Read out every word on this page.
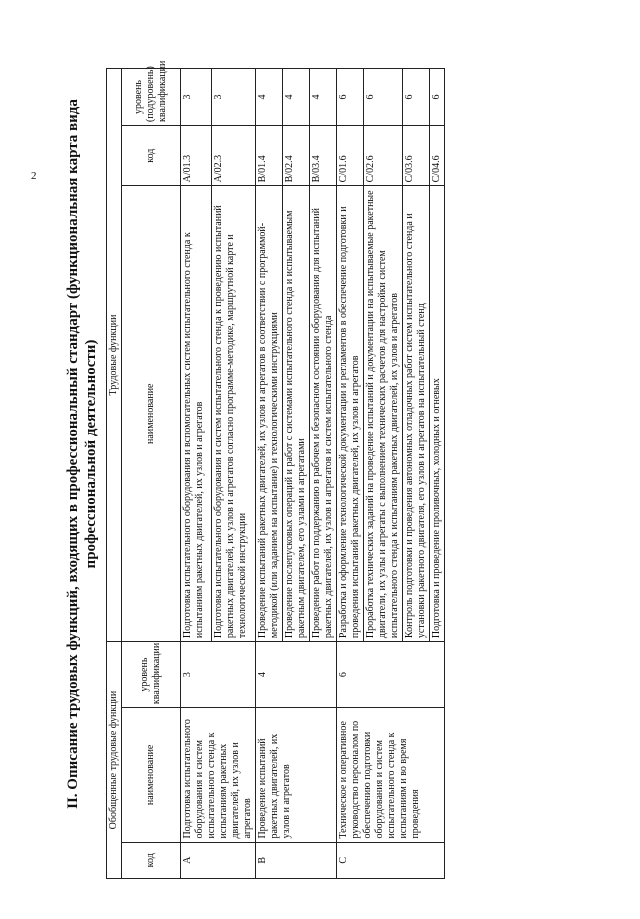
2 II. Описание трудовых функций, входящих в профессиональный стандарт (функциональная карта вида профессиональной деятельности)
Обобщенные трудовые функции			Трудовые функции		
код	наименование	уровень квалификации	наименование	код	уровень (подуровень) квалификации
А	Подготовка испытательного оборудования и систем испытательного стенда к испытаниям ракетных двигателей, их узлов и агрегатов	3	Подготовка испытательного оборудования и вспомогательных систем испытательного стенда к испытаниям ракетных двигателей, их узлов и агрегатов	A/01.3	3
			Подготовка испытательного оборудования и систем испытательного стенда к проведению испытаний ракетных двигателей, их узлов и агрегатов согласно программе-методике, маршрутной карте и технологической инструкции	A/02.3	3
В	Проведение испытаний ракетных двигателей, их узлов и агрегатов	4	Проведение испытаний ракетных двигателей, их узлов и агрегатов в соответствии с программой-методикой (или заданием на испытание) и технологическими инструкциями	B/01.4	4
			Проведение послепусковых операций и работ с системами испытательного стенда и испытываемым ракетным двигателем, его узлами и агрегатами	B/02.4	4
			Проведение работ по поддержанию в рабочем и безопасном состоянии оборудования для испытаний ракетных двигателей, их узлов и агрегатов и систем испытательного стенда	B/03.4	4
С	Техническое и оперативное руководство персоналом по обеспечению подготовки оборудования и систем испытательного стенда к испытаниям и во время проведения	6	Разработка и оформление технологической документации и регламентов в обеспечение подготовки и проведения испытаний ракетных двигателей, их узлов и агрегатов	C/01.6	6
			Проработка технических заданий на проведение испытаний и документации на испытываемые ракетные двигатели, их узлы и агрегаты с выполнением технических расчетов для настройки систем испытательного стенда к испытаниям ракетных двигателей, их узлов и агрегатов	C/02.6	6
			Контроль подготовки и проведения автономных отладочных работ систем испытательного стенда и установки ракетного двигателя, его узлов и агрегатов на испытательный стенд	C/03.6	6
			Подготовка и проведение проливочных, холодных и огневых	C/04.6	6
